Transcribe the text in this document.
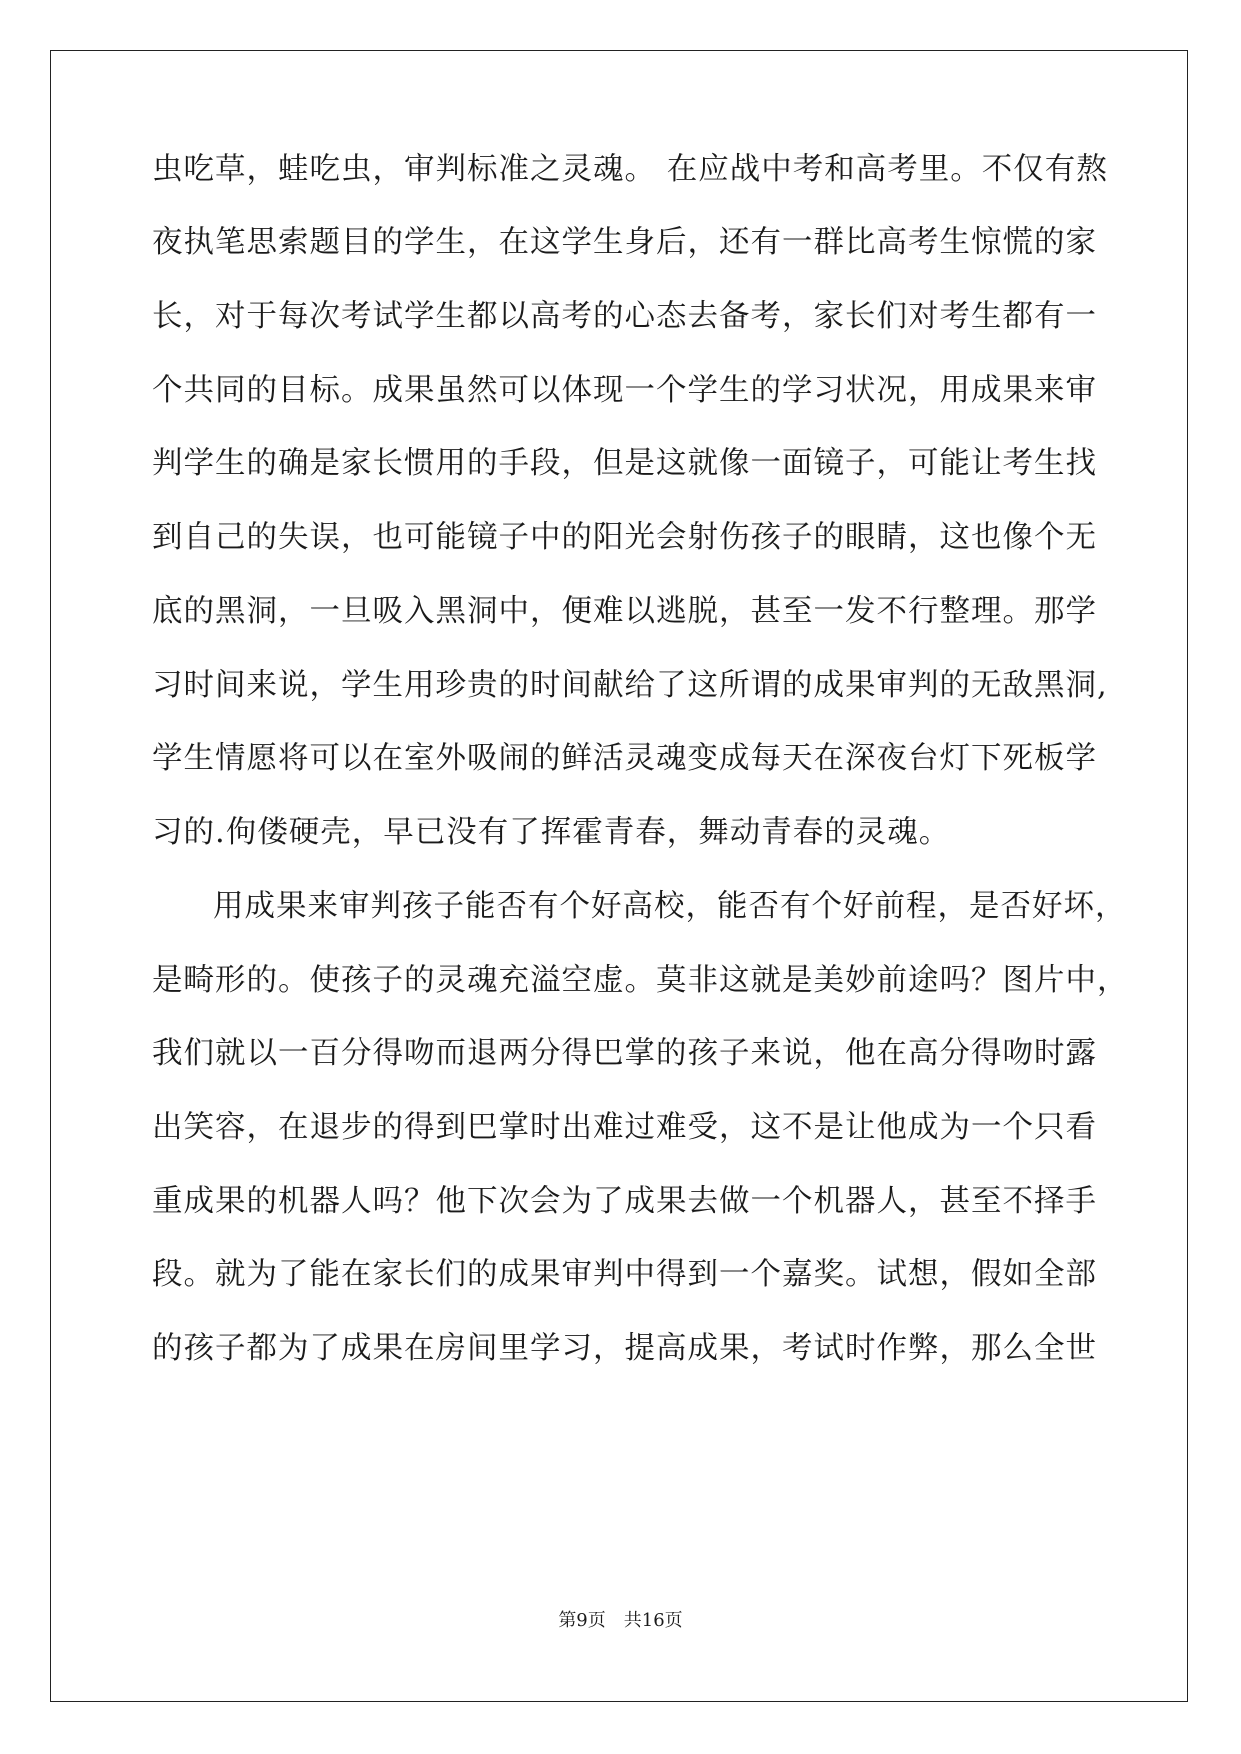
虫吃草，蛙吃虫，审判标准之灵魂。 在应战中考和高考里。不仅有熬
夜执笔思索题目的学生，在这学生身后，还有一群比高考生惊慌的家
长，对于每次考试学生都以高考的心态去备考，家长们对考生都有一
个共同的目标。成果虽然可以体现一个学生的学习状况，用成果来审
判学生的确是家长惯用的手段，但是这就像一面镜子，可能让考生找
到自己的失误，也可能镜子中的阳光会射伤孩子的眼睛，这也像个无
底的黑洞，一旦吸入黑洞中，便难以逃脱，甚至一发不行整理。那学
习时间来说，学生用珍贵的时间献给了这所谓的成果审判的无敌黑洞,
学生情愿将可以在室外吸闹的鲜活灵魂变成每天在深夜台灯下死板学
习的.佝偻硬壳，早已没有了挥霍青春，舞动青春的灵魂。
用成果来审判孩子能否有个好高校，能否有个好前程，是否好坏，
是畸形的。使孩子的灵魂充溢空虚。莫非这就是美妙前途吗？图片中，
我们就以一百分得吻而退两分得巴掌的孩子来说，他在高分得吻时露
出笑容，在退步的得到巴掌时出难过难受，这不是让他成为一个只看
重成果的机器人吗？他下次会为了成果去做一个机器人，甚至不择手
段。就为了能在家长们的成果审判中得到一个嘉奖。试想，假如全部
的孩子都为了成果在房间里学习，提高成果，考试时作弊，那么全世
第9页　共16页
